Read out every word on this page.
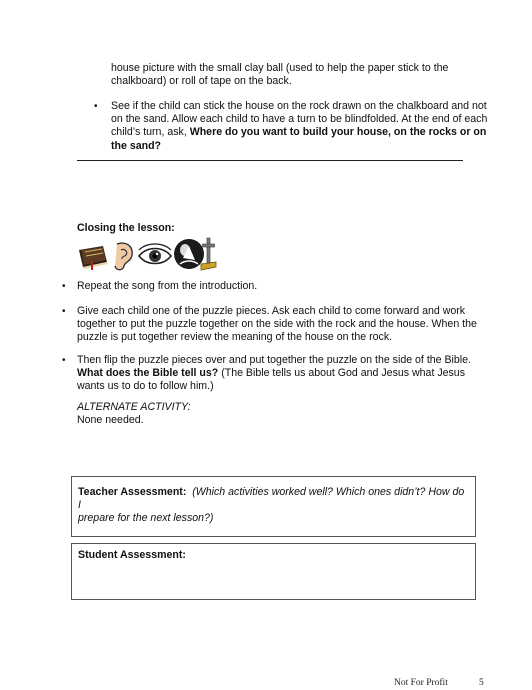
house picture with the small clay ball (used to help the paper stick to the
chalkboard) or roll of tape on the back.
• See if the child can stick the house on the rock drawn on the chalkboard and not
on the sand. Allow each child to have a turn to be blindfolded. At the end of each
child’s turn, ask, Where do you want to build your house, on the rocks or on
the sand?
Closing the lesson:
• Repeat the song from the introduction.
• Give each child one of the puzzle pieces. Ask each child to come forward and work
together to put the puzzle together on the side with the rock and the house. When the
puzzle is put together review the meaning of the house on the rock.
• Then flip the puzzle pieces over and put together the puzzle on the side of the Bible.
What does the Bible tell us? (The Bible tells us about God and Jesus what Jesus
wants us to do to follow him.)
ALTERNATE ACTIVITY:
None needed.
Teacher Assessment: (Which activities worked well? Which ones didn’t? How do I
prepare for the next lesson?)
Student Assessment:
Not For Profit	5
